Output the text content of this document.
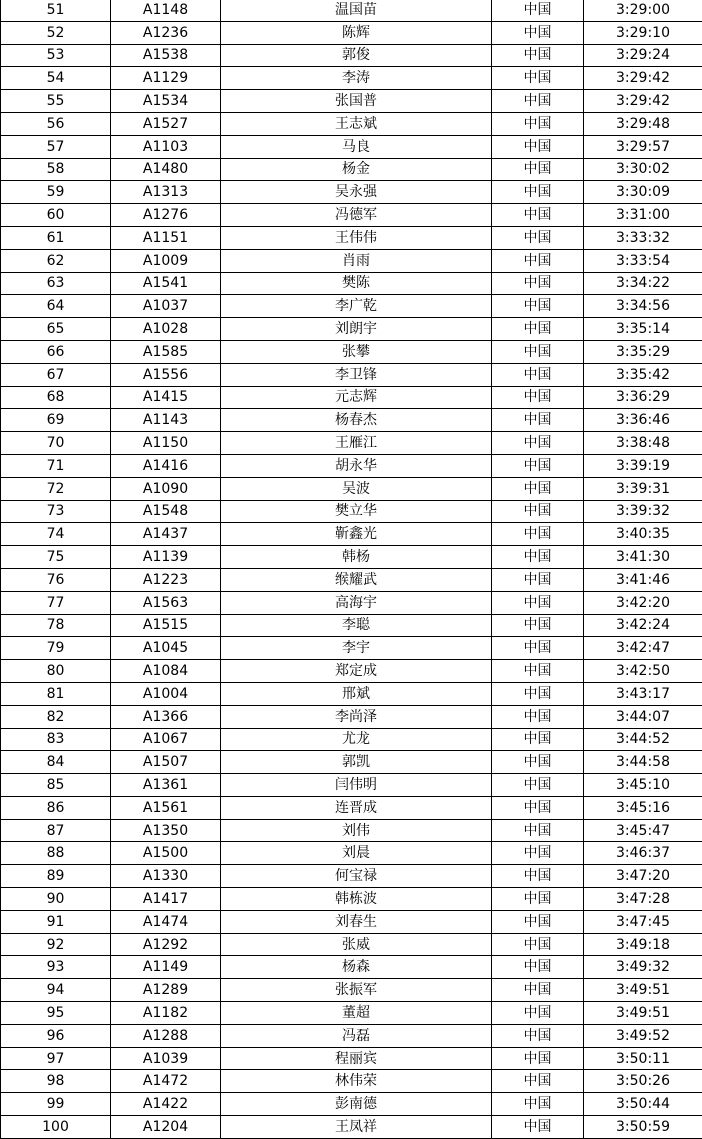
51	A1148	温国苗	中国	3:29:00
52	A1236	陈辉	中国	3:29:10
53	A1538	郭俊	中国	3:29:24
54	A1129	李涛	中国	3:29:42
55	A1534	张国普	中国	3:29:42
56	A1527	王志斌	中国	3:29:48
57	A1103	马良	中国	3:29:57
58	A1480	杨金	中国	3:30:02
59	A1313	吴永强	中国	3:30:09
60	A1276	冯德军	中国	3:31:00
61	A1151	王伟伟	中国	3:33:32
62	A1009	肖雨	中国	3:33:54
63	A1541	樊陈	中国	3:34:22
64	A1037	李广乾	中国	3:34:56
65	A1028	刘朗宇	中国	3:35:14
66	A1585	张攀	中国	3:35:29
67	A1556	李卫锋	中国	3:35:42
68	A1415	元志辉	中国	3:36:29
69	A1143	杨春杰	中国	3:36:46
70	A1150	王雁江	中国	3:38:48
71	A1416	胡永华	中国	3:39:19
72	A1090	吴波	中国	3:39:31
73	A1548	樊立华	中国	3:39:32
74	A1437	靳鑫光	中国	3:40:35
75	A1139	韩杨	中国	3:41:30
76	A1223	缑耀武	中国	3:41:46
77	A1563	高海宇	中国	3:42:20
78	A1515	李聪	中国	3:42:24
79	A1045	李宇	中国	3:42:47
80	A1084	郑定成	中国	3:42:50
81	A1004	邢斌	中国	3:43:17
82	A1366	李尚泽	中国	3:44:07
83	A1067	尤龙	中国	3:44:52
84	A1507	郭凯	中国	3:44:58
85	A1361	闫伟明	中国	3:45:10
86	A1561	连晋成	中国	3:45:16
87	A1350	刘伟	中国	3:45:47
88	A1500	刘晨	中国	3:46:37
89	A1330	何宝禄	中国	3:47:20
90	A1417	韩栋波	中国	3:47:28
91	A1474	刘春生	中国	3:47:45
92	A1292	张威	中国	3:49:18
93	A1149	杨森	中国	3:49:32
94	A1289	张振军	中国	3:49:51
95	A1182	董超	中国	3:49:51
96	A1288	冯磊	中国	3:49:52
97	A1039	程丽宾	中国	3:50:11
98	A1472	林伟荣	中国	3:50:26
99	A1422	彭南德	中国	3:50:44
100	A1204	王凤祥	中国	3:50:59
